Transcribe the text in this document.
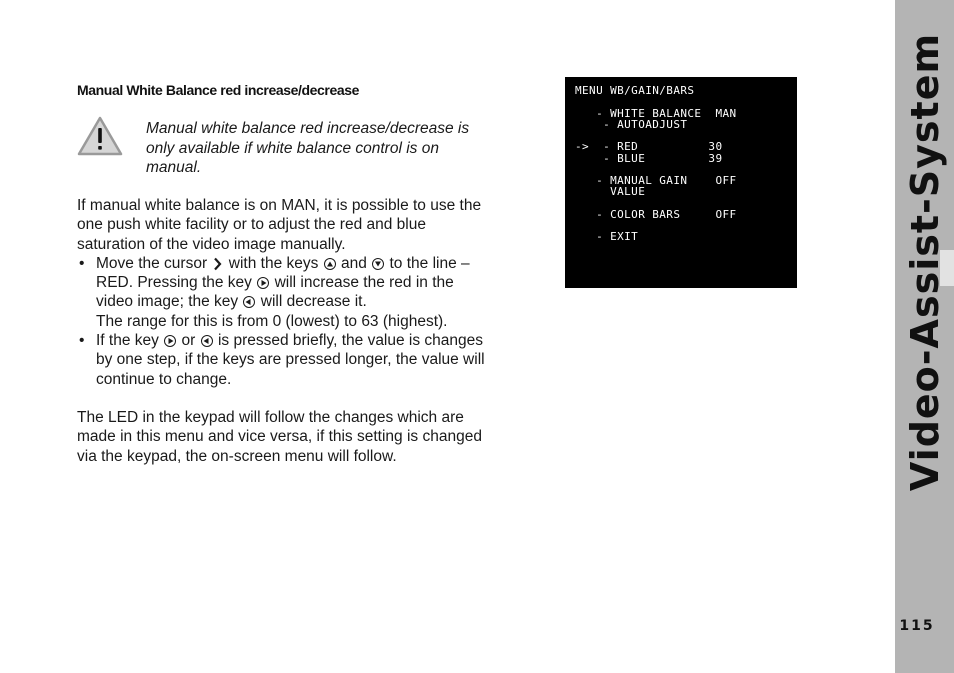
Video-Assist-System
115
Manual White Balance red increase/decrease
Manual white balance red increase/decrease is only available if white balance control is on manual.

If manual white balance is on MAN, it is possible to use the one push white facility or to adjust the red and blue saturation of the video image manually.

• Move the cursor with the keys and to the line – RED. Pressing the key will increase the red in the video image; the key will decrease it.
The range for this is from 0 (lowest) to 63 (highest).
• If the key or is pressed briefly, the value is changes by one step, if the keys are pressed longer, the value will continue to change.

The LED in the keypad will follow the changes which are made in this menu and vice versa, if this setting is changed via the keypad, the on-screen menu will follow.

MENU WB/GAIN/BARS
- WHITE BALANCE  MAN
- AUTOADJUST
->  - RED          30
- BLUE         39
- MANUAL GAIN    OFF
VALUE
- COLOR BARS     OFF
- EXIT
